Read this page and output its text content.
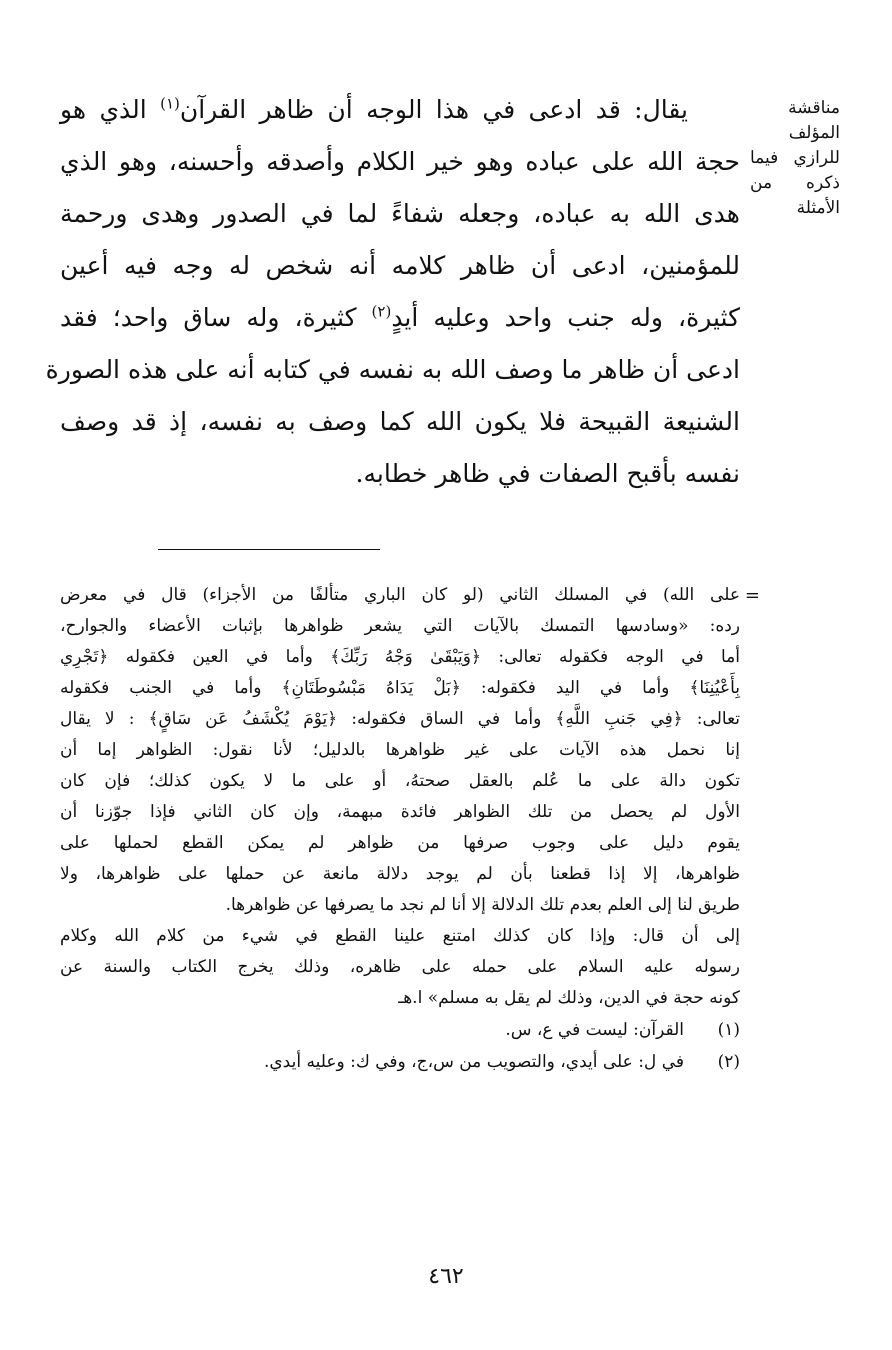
مناقشة
المؤلف
للرازي فيما
ذكره من
الأمثلة
يقال: قد ادعى في هذا الوجه أن ظاهر القرآن$^{(١)}$ الذي هو
حجة الله على عباده وهو خير الكلام وأصدقه وأحسنه، وهو الذي
هدى الله به عباده، وجعله شفاءً لما في الصدور وهدى ورحمة
للمؤمنين، ادعى أن ظاهر كلامه أنه شخص له وجه فيه أعين
كثيرة، وله جنب واحد وعليه أيدٍ$^{(٢)}$ كثيرة، وله ساق واحد؛ فقد
ادعى أن ظاهر ما وصف الله به نفسه في كتابه أنه على هذه الصورة
الشنيعة القبيحة فلا يكون الله كما وصف به نفسه، إذ قد وصف
نفسه بأقبح الصفات في ظاهر خطابه.
=
على الله) في المسلك الثاني (لو كان الباري متألفًا من الأجزاء) قال في معرض
رده: «وسادسها التمسك بالآيات التي يشعر ظواهرها بإثبات الأعضاء والجوارح،
أما في الوجه فكقوله تعالى: ﴿وَيَبْقَىٰ وَجْهُ رَبِّكَ﴾ وأما في العين فكقوله ﴿تَجْرِي
بِأَعْيُنِنَا﴾ وأما في اليد فكقوله: ﴿بَلْ يَدَاهُ مَبْسُوطَتَانِ﴾ وأما في الجنب فكقوله
تعالى: ﴿فِي جَنبِ اللَّهِ﴾ وأما في الساق فكقوله: ﴿يَوْمَ يُكْشَفُ عَن سَاقٍ﴾ : لا يقال
إنا نحمل هذه الآيات على غير ظواهرها بالدليل؛ لأنا نقول: الظواهر إما أن
تكون دالة على ما عُلم بالعقل صحتهُ، أو على ما لا يكون كذلك؛ فإن كان
الأول لم يحصل من تلك الظواهر فائدة مبهمة، وإن كان الثاني فإذا جوّزنا أن
يقوم دليل على وجوب صرفها من ظواهر لم يمكن القطع لحملها على
ظواهرها، إلا إذا قطعنا بأن لم يوجد دلالة مانعة عن حملها على ظواهرها، ولا
طريق لنا إلى العلم بعدم تلك الدلالة إلا أنا لم نجد ما يصرفها عن ظواهرها.
إلى أن قال: وإذا كان كذلك امتنع علينا القطع في شيء من كلام الله وكلام
رسوله عليه السلام على حمله على ظاهره، وذلك يخرج الكتاب والسنة عن
كونه حجة في الدين، وذلك لم يقل به مسلم» ا.هـ
(١)
القرآن: ليست في ع، س.
(٢)
في ل: على أيدي، والتصويب من س،ج، وفي ك: وعليه أيدي.
٤٦٢
